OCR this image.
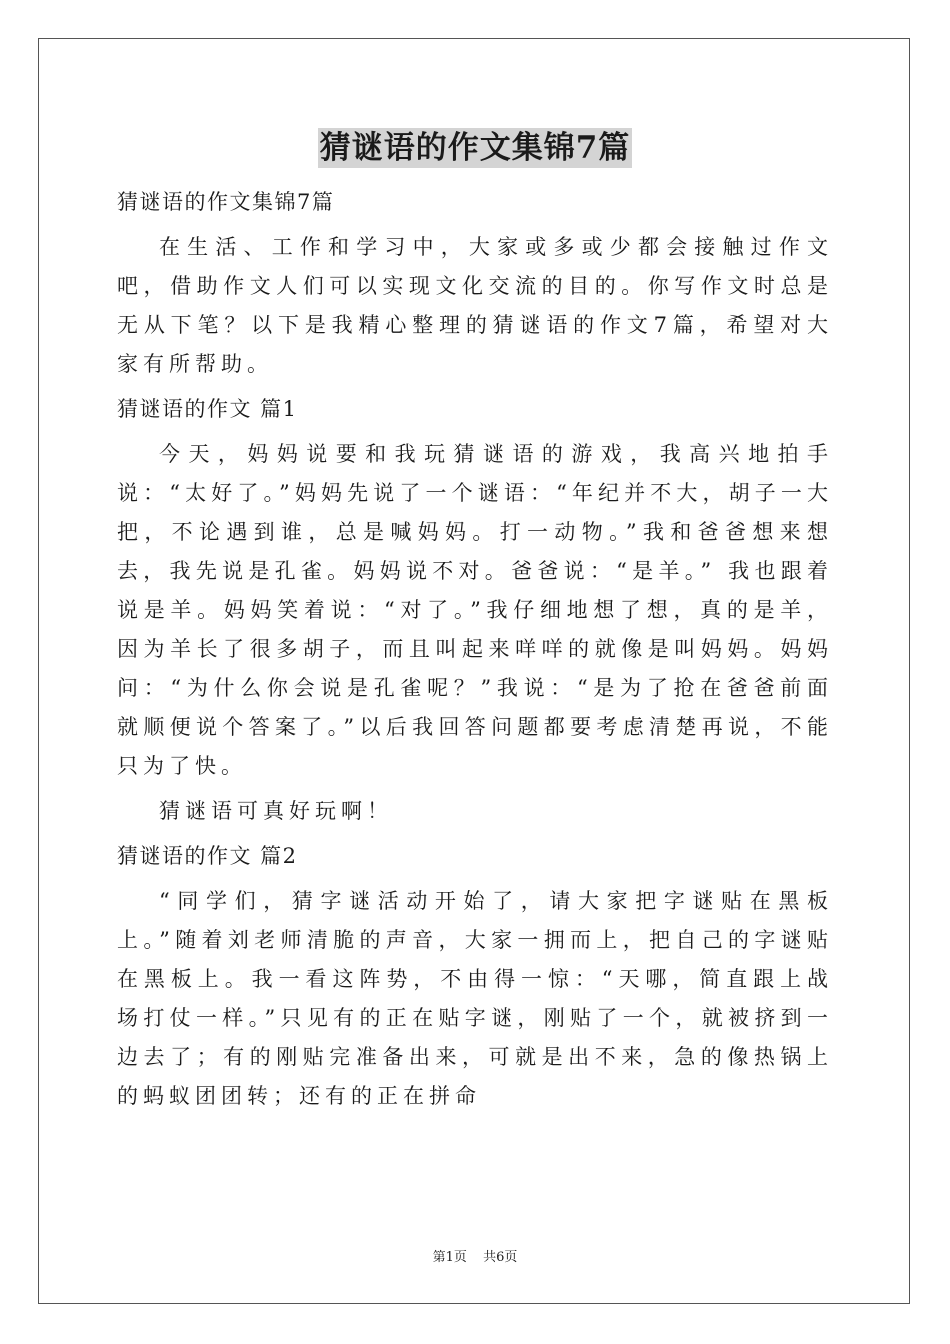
猜谜语的作文集锦7篇
猜谜语的作文集锦7篇
在生活、工作和学习中，大家或多或少都会接触过作文吧，借助作文人们可以实现文化交流的目的。你写作文时总是无从下笔？以下是我精心整理的猜谜语的作文7篇，希望对大家有所帮助。
猜谜语的作文 篇1
今天，妈妈说要和我玩猜谜语的游戏，我高兴地拍手说：“太好了。”妈妈先说了一个谜语：“年纪并不大，胡子一大把，不论遇到谁，总是喊妈妈。打一动物。”我和爸爸想来想去，我先说是孔雀。妈妈说不对。爸爸说：“是羊。” 我也跟着说是羊。妈妈笑着说：“对了。”我仔细地想了想，真的是羊，因为羊长了很多胡子，而且叫起来咩咩的就像是叫妈妈。妈妈问：“为什么你会说是孔雀呢？”我说：“是为了抢在爸爸前面就顺便说个答案了。”以后我回答问题都要考虑清楚再说，不能只为了快。
猜谜语可真好玩啊！
猜谜语的作文 篇2
“同学们，猜字谜活动开始了，请大家把字谜贴在黑板上。”随着刘老师清脆的声音，大家一拥而上，把自己的字谜贴在黑板上。我一看这阵势，不由得一惊：“天哪，简直跟上战场打仗一样。”只见有的正在贴字谜，刚贴了一个，就被挤到一边去了；有的刚贴完准备出来，可就是出不来，急的像热锅上的蚂蚁团团转；还有的正在拼命
第1页 共6页
